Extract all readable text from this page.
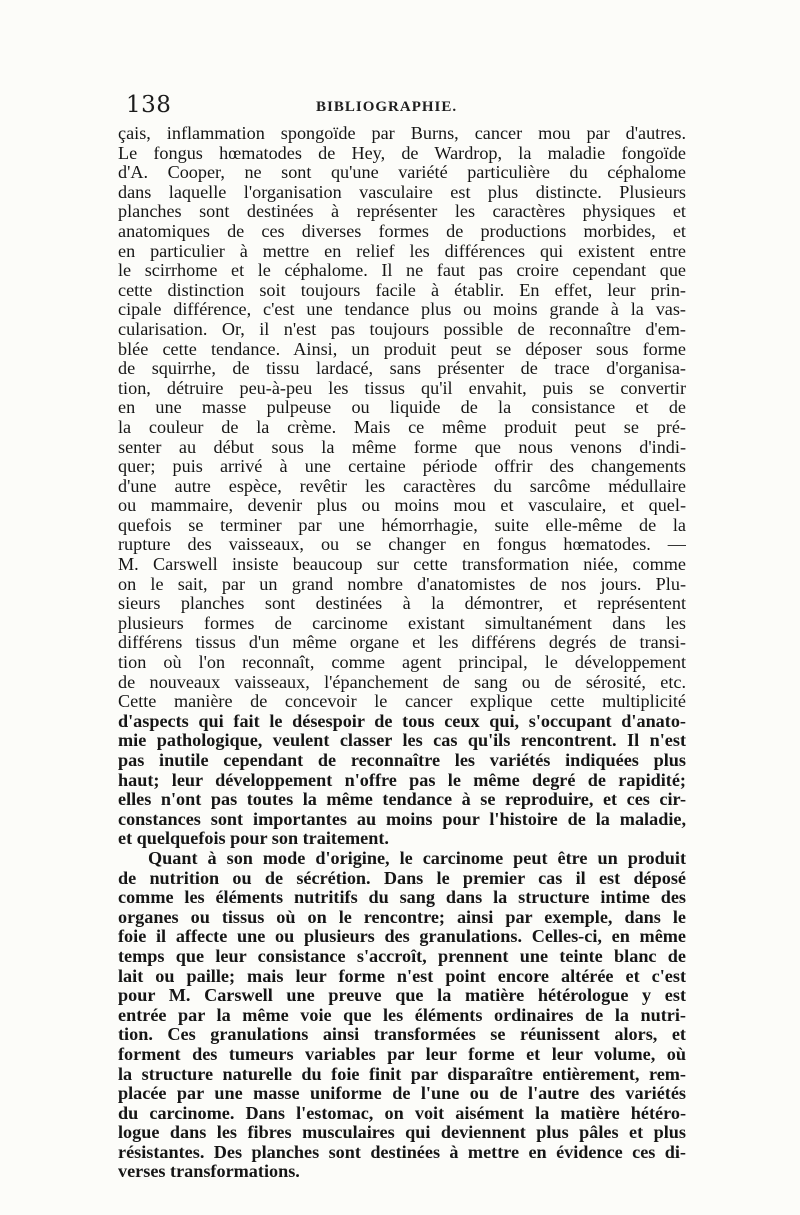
138	BIBLIOGRAPHIE.
çais, inflammation spongoïde par Burns, cancer mou par d'autres.
Le fongus hœmatodes de Hey, de Wardrop, la maladie fongoïde
d'A. Cooper, ne sont qu'une variété particulière du céphalome
dans laquelle l'organisation vasculaire est plus distincte. Plusieurs
planches sont destinées à représenter les caractères physiques et
anatomiques de ces diverses formes de productions morbides, et
en particulier à mettre en relief les différences qui existent entre
le scirrhome et le céphalome. Il ne faut pas croire cependant que
cette distinction soit toujours facile à établir. En effet, leur prin-
cipale différence, c'est une tendance plus ou moins grande à la vas-
cularisation. Or, il n'est pas toujours possible de reconnaître d'em-
blée cette tendance. Ainsi, un produit peut se déposer sous forme
de squirrhe, de tissu lardacé, sans présenter de trace d'organisa-
tion, détruire peu-à-peu les tissus qu'il envahit, puis se convertir
en une masse pulpeuse ou liquide de la consistance et de
la couleur de la crème. Mais ce même produit peut se pré-
senter au début sous la même forme que nous venons d'indi-
quer; puis arrivé à une certaine période offrir des changements
d'une autre espèce, revêtir les caractères du sarcôme médullaire
ou mammaire, devenir plus ou moins mou et vasculaire, et quel-
quefois se terminer par une hémorrhagie, suite elle-même de la
rupture des vaisseaux, ou se changer en fongus hœmatodes. —
M. Carswell insiste beaucoup sur cette transformation niée, comme
on le sait, par un grand nombre d'anatomistes de nos jours. Plu-
sieurs planches sont destinées à la démontrer, et représentent
plusieurs formes de carcinome existant simultanément dans les
différens tissus d'un même organe et les différens degrés de transi-
tion où l'on reconnaît, comme agent principal, le développement
de nouveaux vaisseaux, l'épanchement de sang ou de sérosité, etc.
Cette manière de concevoir le cancer explique cette multiplicité
d'aspects qui fait le désespoir de tous ceux qui, s'occupant d'anato-
mie pathologique, veulent classer les cas qu'ils rencontrent. Il n'est
pas inutile cependant de reconnaître les variétés indiquées plus
haut; leur développement n'offre pas le même degré de rapidité;
elles n'ont pas toutes la même tendance à se reproduire, et ces cir-
constances sont importantes au moins pour l'histoire de la maladie,
et quelquefois pour son traitement.
Quant à son mode d'origine, le carcinome peut être un produit
de nutrition ou de sécrétion. Dans le premier cas il est déposé
comme les éléments nutritifs du sang dans la structure intime des
organes ou tissus où on le rencontre; ainsi par exemple, dans le
foie il affecte une ou plusieurs des granulations. Celles-ci, en même
temps que leur consistance s'accroît, prennent une teinte blanc de
lait ou paille; mais leur forme n'est point encore altérée et c'est
pour M. Carswell une preuve que la matière hétérologue y est
entrée par la même voie que les éléments ordinaires de la nutri-
tion. Ces granulations ainsi transformées se réunissent alors, et
forment des tumeurs variables par leur forme et leur volume, où
la structure naturelle du foie finit par disparaître entièrement, rem-
placée par une masse uniforme de l'une ou de l'autre des variétés
du carcinome. Dans l'estomac, on voit aisément la matière hétéro-
logue dans les fibres musculaires qui deviennent plus pâles et plus
résistantes. Des planches sont destinées à mettre en évidence ces di-
verses transformations.
